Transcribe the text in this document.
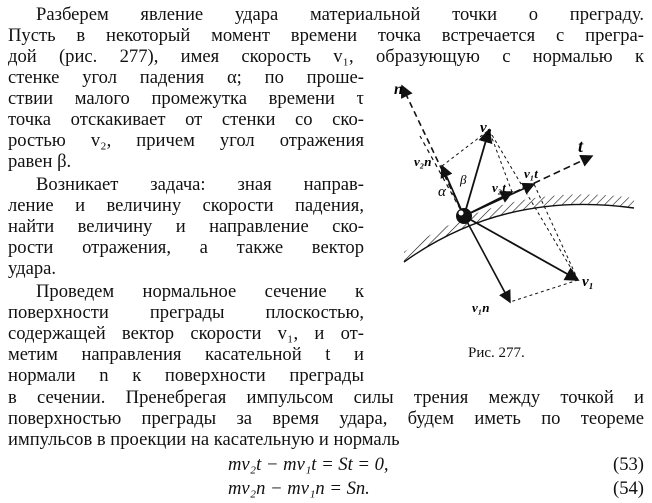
Разберем явление удара материальной точки о преграду.
Пусть в некоторый момент времени точка встречается с прегра-
дой (рис. 277), имея скорость v₁, образующую с нормалью к
стенке угол падения α; по проше-
ствии малого промежутка времени τ
точка отскакивает от стенки со ско-
ростью v₂, причем угол отражения
равен β.
Возникает задача: зная направ-
ление и величину скорости падения,
найти величину и направление ско-
рости отражения, а также вектор
удара.
Проведем нормальное сечение к
поверхности преграды плоскостью,
содержащей вектор скорости v₁, и от-
метим направления касательной t и
нормали n к поверхности преграды
в сечении. Пренебрегая импульсом силы трения между точкой и
поверхностью преграды за время удара, будем иметь по теореме
импульсов в проекции на касательную и нормаль
mv₂t − mv₁t = St = 0,	(53)
mv₂n − mv₁n = Sn.	(54)
n
t
v₂
v₂n
v₂t
v₁t
v₁
v₁n
α
β
Рис. 277.
